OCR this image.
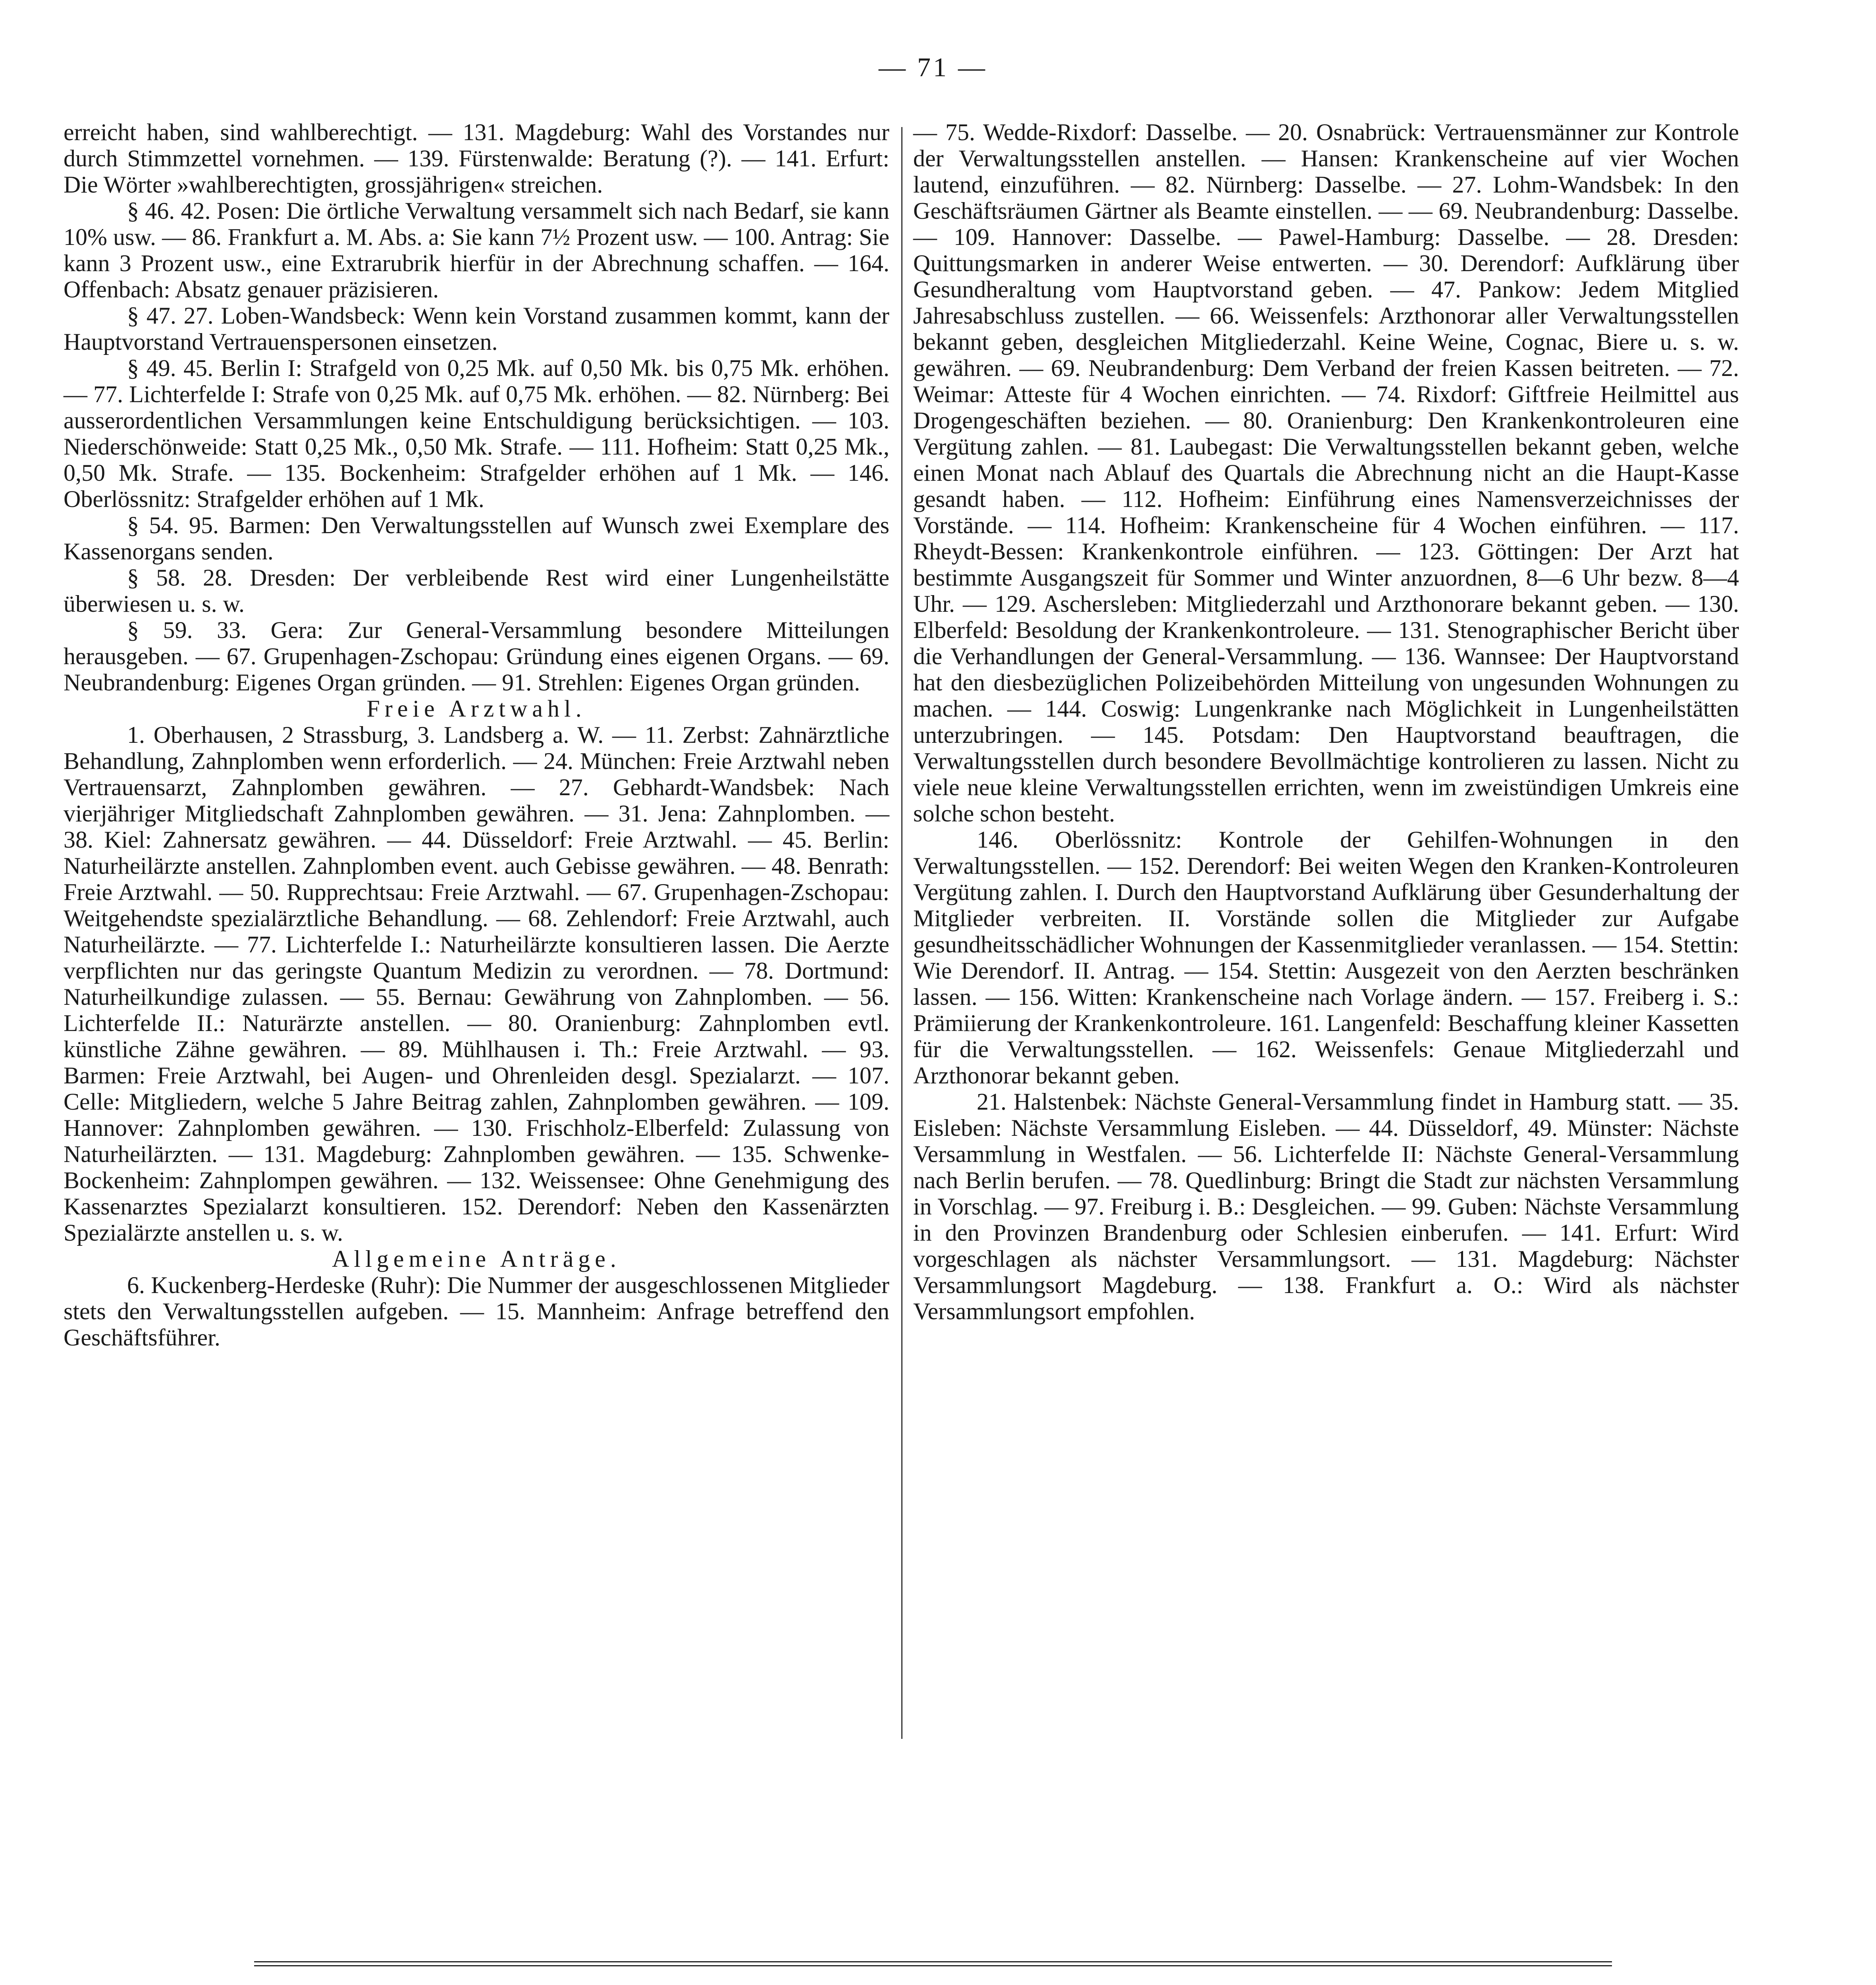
— 71 —

erreicht haben, sind wahlberechtigt. — 131. Magdeburg: Wahl des Vorstandes nur durch Stimmzettel vornehmen. — 139. Fürstenwalde: Beratung (?). — 141. Erfurt: Die Wörter »wahlberechtigten, grossjährigen« streichen.

§ 46. 42. Posen: Die örtliche Verwaltung versammelt sich nach Bedarf, sie kann 10% usw. — 86. Frankfurt a. M. Abs. a: Sie kann 7½ Prozent usw. — 100. Antrag: Sie kann 3 Prozent usw., eine Extrarubrik hierfür in der Abrechnung schaffen. — 164. Offenbach: Absatz genauer präzisieren.

§ 47. 27. Loben-Wandsbeck: Wenn kein Vorstand zusammen kommt, kann der Hauptvorstand Vertrauenspersonen einsetzen.

§ 49. 45. Berlin I: Strafgeld von 0,25 Mk. auf 0,50 Mk. bis 0,75 Mk. erhöhen. — 77. Lichterfelde I: Strafe von 0,25 Mk. auf 0,75 Mk. erhöhen. — 82. Nürnberg: Bei ausserordentlichen Versammlungen keine Entschuldigung berücksichtigen. — 103. Niederschönweide: Statt 0,25 Mk., 0,50 Mk. Strafe. — 111. Hofheim: Statt 0,25 Mk., 0,50 Mk. Strafe. — 135. Bockenheim: Strafgelder erhöhen auf 1 Mk. — 146. Oberlössnitz: Strafgelder erhöhen auf 1 Mk.

§ 54. 95. Barmen: Den Verwaltungsstellen auf Wunsch zwei Exemplare des Kassenorgans senden.

§ 58. 28. Dresden: Der verbleibende Rest wird einer Lungenheilstätte überwiesen u. s. w.

§ 59. 33. Gera: Zur General-Versammlung besondere Mitteilungen herausgeben. — 67. Grupenhagen-Zschopau: Gründung eines eigenen Organs. — 69. Neubrandenburg: Eigenes Organ gründen. — 91. Strehlen: Eigenes Organ gründen.

Freie Arztwahl.

1. Oberhausen, 2 Strassburg, 3. Landsberg a. W. — 11. Zerbst: Zahnärztliche Behandlung, Zahnplomben wenn erforderlich. — 24. München: Freie Arztwahl neben Vertrauensarzt, Zahnplomben gewähren. — 27. Gebhardt-Wandsbek: Nach vierjähriger Mitgliedschaft Zahnplomben gewähren. — 31. Jena: Zahnplomben. — 38. Kiel: Zahnersatz gewähren. — 44. Düsseldorf: Freie Arztwahl. — 45. Berlin: Naturheilärzte anstellen. Zahnplomben event. auch Gebisse gewähren. — 48. Benrath: Freie Arztwahl. — 50. Rupprechtsau: Freie Arztwahl. — 67. Grupenhagen-Zschopau: Weitgehendste spezialärztliche Behandlung. — 68. Zehlendorf: Freie Arztwahl, auch Naturheilärzte. — 77. Lichterfelde I.: Naturheilärzte konsultieren lassen. Die Aerzte verpflichten nur das geringste Quantum Medizin zu verordnen. — 78. Dortmund: Naturheilkundige zulassen. — 55. Bernau: Gewährung von Zahnplomben. — 56. Lichterfelde II.: Naturärzte anstellen. — 80. Oranienburg: Zahnplomben evtl. künstliche Zähne gewähren. — 89. Mühlhausen i. Th.: Freie Arztwahl. — 93. Barmen: Freie Arztwahl, bei Augen- und Ohrenleiden desgl. Spezialarzt. — 107. Celle: Mitgliedern, welche 5 Jahre Beitrag zahlen, Zahnplomben gewähren. — 109. Hannover: Zahnplomben gewähren. — 130. Frischholz-Elberfeld: Zulassung von Naturheilärzten. — 131. Magdeburg: Zahnplomben gewähren. — 135. Schwenke-Bockenheim: Zahnplompen gewähren. — 132. Weissensee: Ohne Genehmigung des Kassenarztes Spezialarzt konsultieren. 152. Derendorf: Neben den Kassenärzten Spezialärzte anstellen u. s. w.

Allgemeine Anträge.

6. Kuckenberg-Herdeske (Ruhr): Die Nummer der ausgeschlossenen Mitglieder stets den Verwaltungsstellen aufgeben. — 15. Mannheim: Anfrage betreffend den Geschäftsführer.

— 75. Wedde-Rixdorf: Dasselbe. — 20. Osnabrück: Vertrauensmänner zur Kontrole der Verwaltungsstellen anstellen. — Hansen: Krankenscheine auf vier Wochen lautend, einzuführen. — 82. Nürnberg: Dasselbe. — 27. Lohm-Wandsbek: In den Geschäftsräumen Gärtner als Beamte einstellen. — — 69. Neubrandenburg: Dasselbe. — 109. Hannover: Dasselbe. — Pawel-Hamburg: Dasselbe. — 28. Dresden: Quittungsmarken in anderer Weise entwerten. — 30. Derendorf: Aufklärung über Gesundheraltung vom Hauptvorstand geben. — 47. Pankow: Jedem Mitglied Jahresabschluss zustellen. — 66. Weissenfels: Arzthonorar aller Verwaltungsstellen bekannt geben, desgleichen Mitgliederzahl. Keine Weine, Cognac, Biere u. s. w. gewähren. — 69. Neubrandenburg: Dem Verband der freien Kassen beitreten. — 72. Weimar: Atteste für 4 Wochen einrichten. — 74. Rixdorf: Giftfreie Heilmittel aus Drogengeschäften beziehen. — 80. Oranienburg: Den Krankenkontroleuren eine Vergütung zahlen. — 81. Laubegast: Die Verwaltungsstellen bekannt geben, welche einen Monat nach Ablauf des Quartals die Abrechnung nicht an die Haupt-Kasse gesandt haben. — 112. Hofheim: Einführung eines Namensverzeichnisses der Vorstände. — 114. Hofheim: Krankenscheine für 4 Wochen einführen. — 117. Rheydt-Bessen: Krankenkontrole einführen. — 123. Göttingen: Der Arzt hat bestimmte Ausgangszeit für Sommer und Winter anzuordnen, 8—6 Uhr bezw. 8—4 Uhr. — 129. Aschersleben: Mitgliederzahl und Arzthonorare bekannt geben. — 130. Elberfeld: Besoldung der Krankenkontroleure. — 131. Stenographischer Bericht über die Verhandlungen der General-Versammlung. — 136. Wannsee: Der Hauptvorstand hat den diesbezüglichen Polizeibehörden Mitteilung von ungesunden Wohnungen zu machen. — 144. Coswig: Lungenkranke nach Möglichkeit in Lungenheilstätten unterzubringen. — 145. Potsdam: Den Hauptvorstand beauftragen, die Verwaltungsstellen durch besondere Bevollmächtige kontrolieren zu lassen. Nicht zu viele neue kleine Verwaltungsstellen errichten, wenn im zweistündigen Umkreis eine solche schon besteht.

146. Oberlössnitz: Kontrole der Gehilfen-Wohnungen in den Verwaltungsstellen. — 152. Derendorf: Bei weiten Wegen den Kranken-Kontroleuren Vergütung zahlen. I. Durch den Hauptvorstand Aufklärung über Gesunderhaltung der Mitglieder verbreiten. II. Vorstände sollen die Mitglieder zur Aufgabe gesundheitsschädlicher Wohnungen der Kassenmitglieder veranlassen. — 154. Stettin: Wie Derendorf. II. Antrag. — 154. Stettin: Ausgezeit von den Aerzten beschränken lassen. — 156. Witten: Krankenscheine nach Vorlage ändern. — 157. Freiberg i. S.: Prämiierung der Krankenkontroleure. 161. Langenfeld: Beschaffung kleiner Kassetten für die Verwaltungsstellen. — 162. Weissenfels: Genaue Mitgliederzahl und Arzthonorar bekannt geben.

21. Halstenbek: Nächste General-Versammlung findet in Hamburg statt. — 35. Eisleben: Nächste Versammlung Eisleben. — 44. Düsseldorf, 49. Münster: Nächste Versammlung in Westfalen. — 56. Lichterfelde II: Nächste General-Versammlung nach Berlin berufen. — 78. Quedlinburg: Bringt die Stadt zur nächsten Versammlung in Vorschlag. — 97. Freiburg i. B.: Desgleichen. — 99. Guben: Nächste Versammlung in den Provinzen Brandenburg oder Schlesien einberufen. — 141. Erfurt: Wird vorgeschlagen als nächster Versammlungsort. — 131. Magdeburg: Nächster Versammlungsort Magdeburg. — 138. Frankfurt a. O.: Wird als nächster Versammlungsort empfohlen.
